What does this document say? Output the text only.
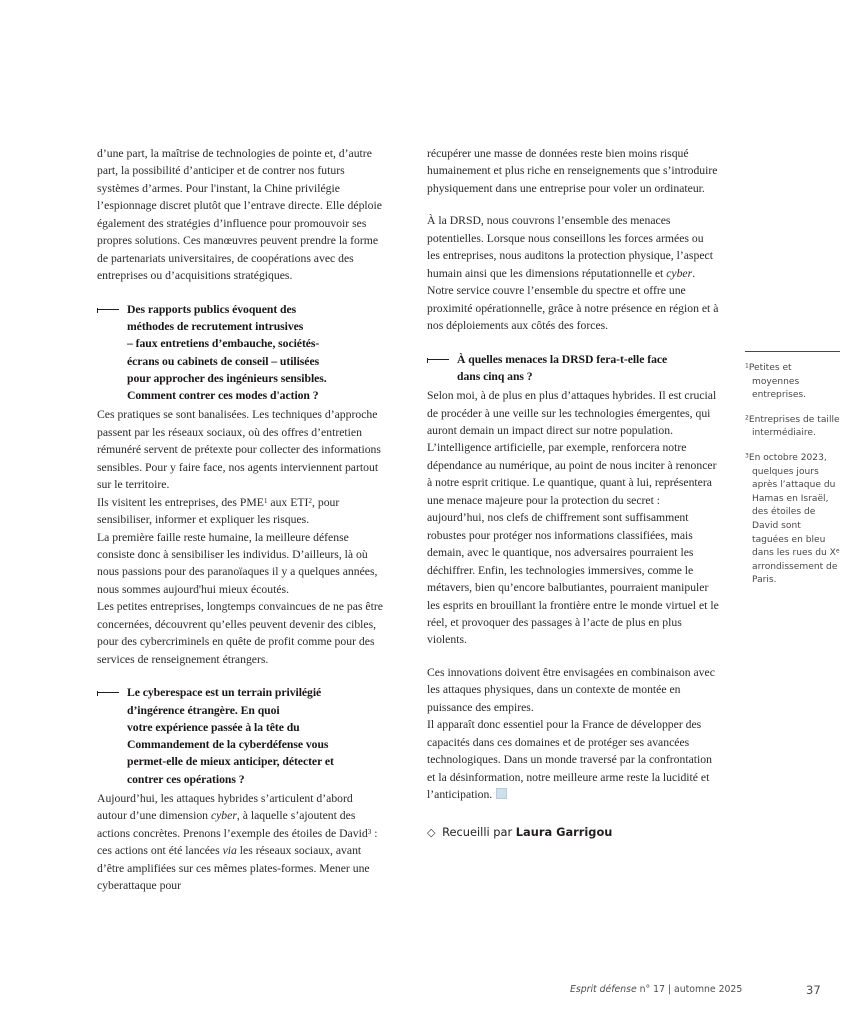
d’une part, la maîtrise de technologies de pointe et, d’autre part, la possibilité d’anticiper et de contrer nos futurs systèmes d’armes. Pour l'instant, la Chine privilégie l’espionnage discret plutôt que l’entrave directe. Elle déploie également des stratégies d’influence pour promouvoir ses propres solutions. Ces manœuvres peuvent prendre la forme de partenariats universitaires, de coopérations avec des entreprises ou d’acquisitions stratégiques.

Des rapports publics évoquent des
méthodes de recrutement intrusives
– faux entretiens d’embauche, sociétés-
écrans ou cabinets de conseil – utilisées
pour approcher des ingénieurs sensibles.
Comment contrer ces modes d'action ?

Ces pratiques se sont banalisées. Les techniques d’approche passent par les réseaux sociaux, où des offres d’entretien rémunéré servent de prétexte pour collecter des informations sensibles. Pour y faire face, nos agents interviennent partout sur le territoire.

Ils visitent les entreprises, des PME$^1$ aux ETI$^2$, pour sensibiliser, informer et expliquer les risques.

La première faille reste humaine, la meilleure défense consiste donc à sensibiliser les individus. D’ailleurs, là où nous passions pour des paranoïaques il y a quelques années, nous sommes aujourd'hui mieux écoutés.

Les petites entreprises, longtemps convaincues de ne pas être concernées, découvrent qu’elles peuvent devenir des cibles, pour des cybercriminels en quête de profit comme pour des services de renseignement étrangers.

Le cyberespace est un terrain privilégié
d’ingérence étrangère. En quoi
votre expérience passée à la tête du
Commandement de la cyberdéfense vous
permet-elle de mieux anticiper, détecter et
contrer ces opérations ?

Aujourd’hui, les attaques hybrides s’articulent d’abord autour d’une dimension cyber, à laquelle s’ajoutent des actions concrètes. Prenons l’exemple des étoiles de David$^3$ : ces actions ont été lancées via les réseaux sociaux, avant d’être amplifiées sur ces mêmes plates-formes. Mener une cyberattaque pour

récupérer une masse de données reste bien moins risqué humainement et plus riche en renseignements que s’introduire physiquement dans une entreprise pour voler un ordinateur.

À la DRSD, nous couvrons l’ensemble des menaces potentielles. Lorsque nous conseillons les forces armées ou les entreprises, nous auditons la protection physique, l’aspect humain ainsi que les dimensions réputationnelle et cyber. Notre service couvre l’ensemble du spectre et offre une proximité opérationnelle, grâce à notre présence en région et à nos déploiements aux côtés des forces.

À quelles menaces la DRSD fera-t-elle face
dans cinq ans ?

Selon moi, à de plus en plus d’attaques hybrides. Il est crucial de procéder à une veille sur les technologies émergentes, qui auront demain un impact direct sur notre population. L’intelligence artificielle, par exemple, renforcera notre dépendance au numérique, au point de nous inciter à renoncer à notre esprit critique. Le quantique, quant à lui, représentera une menace majeure pour la protection du secret : aujourd’hui, nos clefs de chiffrement sont suffisamment robustes pour protéger nos informations classifiées, mais demain, avec le quantique, nos adversaires pourraient les déchiffrer. Enfin, les technologies immersives, comme le métavers, bien qu’encore balbutiantes, pourraient manipuler les esprits en brouillant la frontière entre le monde virtuel et le réel, et provoquer des passages à l’acte de plus en plus violents.

Ces innovations doivent être envisagées en combinaison avec les attaques physiques, dans un contexte de montée en puissance des empires.

Il apparaît donc essentiel pour la France de développer des capacités dans ces domaines et de protéger ses avancées technologiques. Dans un monde traversé par la confrontation et la désinformation, notre meilleure arme reste la lucidité et l’anticipation.

◇ Recueilli par Laura Garrigou
$^1$Petites et moyennes entreprises.
$^2$Entreprises de taille intermédiaire.
$^3$En octobre 2023, quelques jours après l’attaque du Hamas en Israël, des étoiles de David sont taguées en bleu dans les rues du Xe arrondissement de Paris.
Esprit défense n° 17 | automne 2025	37
